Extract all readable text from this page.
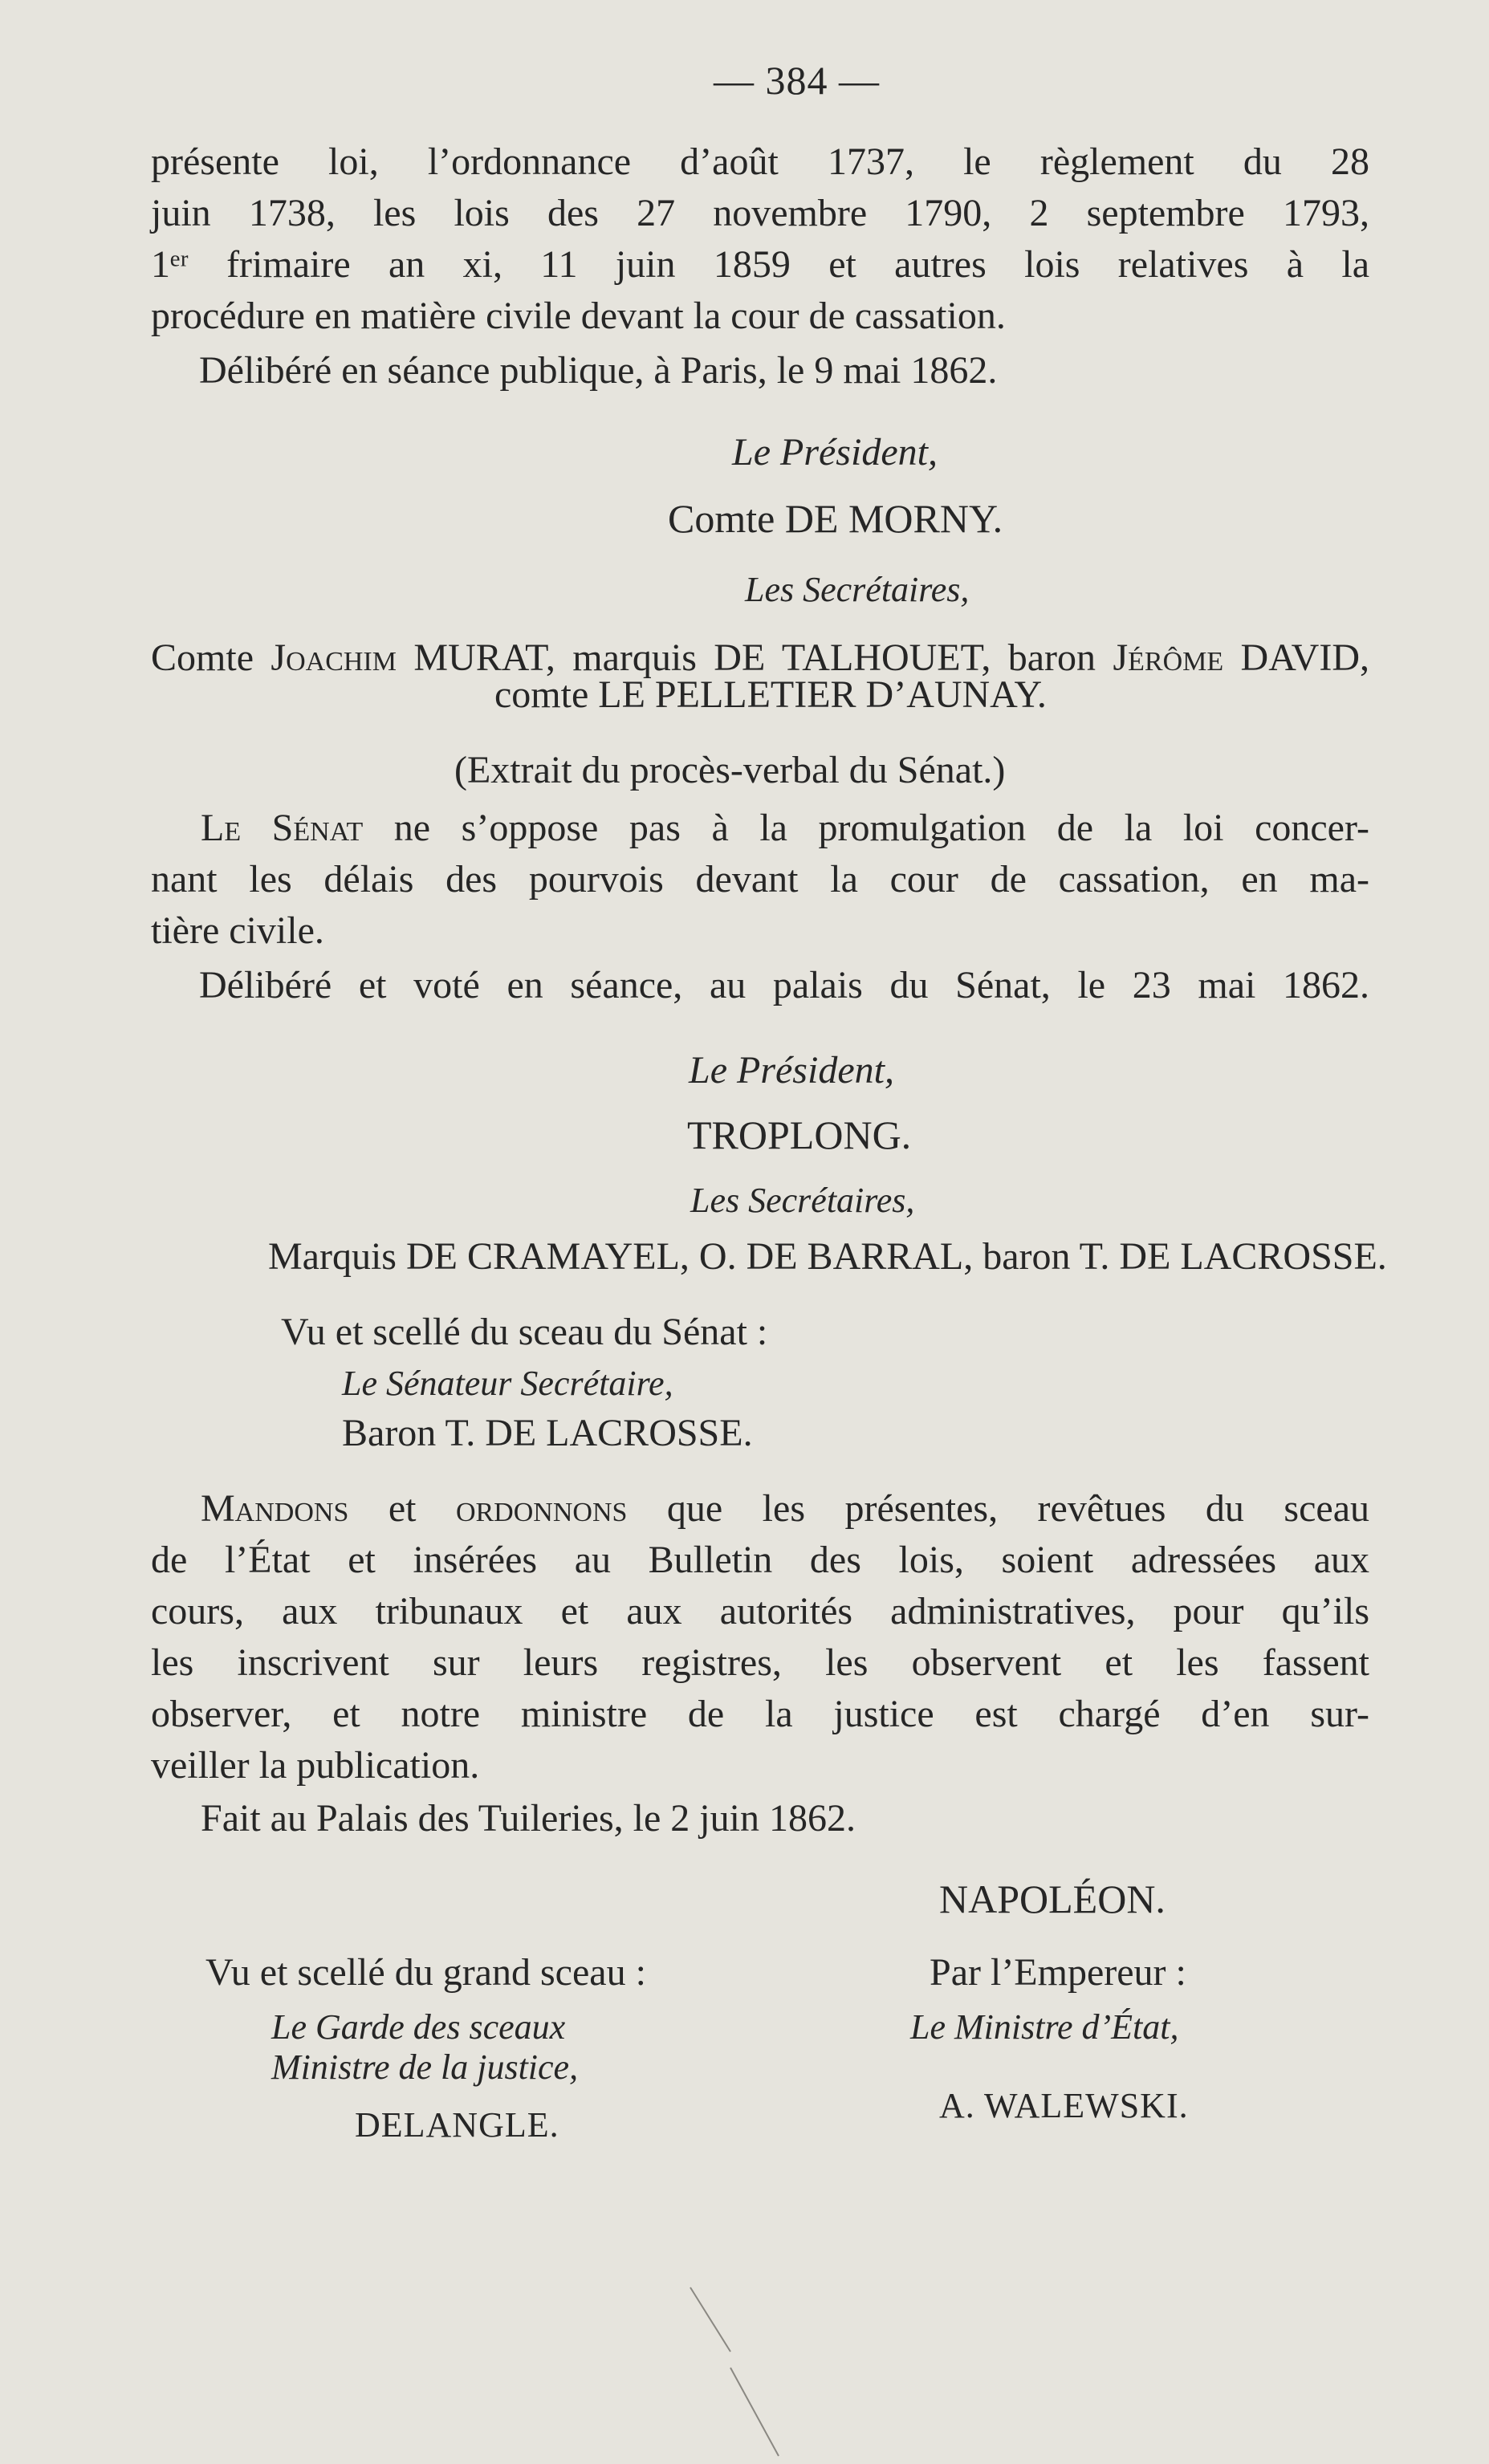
— 384 —
présente loi, l’ordonnance d’août 1737, le règlement du 28
juin 1738, les lois des 27 novembre 1790, 2 septembre 1793,
1ᵉʳ frimaire an xi, 11 juin 1859 et autres lois relatives à la
procédure en matière civile devant la cour de cassation.
Délibéré en séance publique, à Paris, le 9 mai 1862.
Le Président,
Comte DE MORNY.
Les Secrétaires,
Comte Joachim MURAT, marquis DE TALHOUET, baron Jérôme DAVID,
comte LE PELLETIER D’AUNAY.
(Extrait du procès-verbal du Sénat.)
Le Sénat ne s’oppose pas à la promulgation de la loi concer-
nant les délais des pourvois devant la cour de cassation, en ma-
tière civile.
Délibéré et voté en séance, au palais du Sénat, le 23 mai 1862.
Le Président,
TROPLONG.
Les Secrétaires,
Marquis DE CRAMAYEL, O. DE BARRAL, baron T. DE LACROSSE.
Vu et scellé du sceau du Sénat :
Le Sénateur Secrétaire,
Baron T. DE LACROSSE.
Mandons et ordonnons que les présentes, revêtues du sceau
de l’État et insérées au Bulletin des lois, soient adressées aux
cours, aux tribunaux et aux autorités administratives, pour qu’ils
les inscrivent sur leurs registres, les observent et les fassent
observer, et notre ministre de la justice est chargé d’en sur-
veiller la publication.
Fait au Palais des Tuileries, le 2 juin 1862.
NAPOLÉON.
Vu et scellé du grand sceau :
Le Garde des sceaux
Ministre de la justice,
DELANGLE.
Par l’Empereur :
Le Ministre d’État,
A. WALEWSKI.
